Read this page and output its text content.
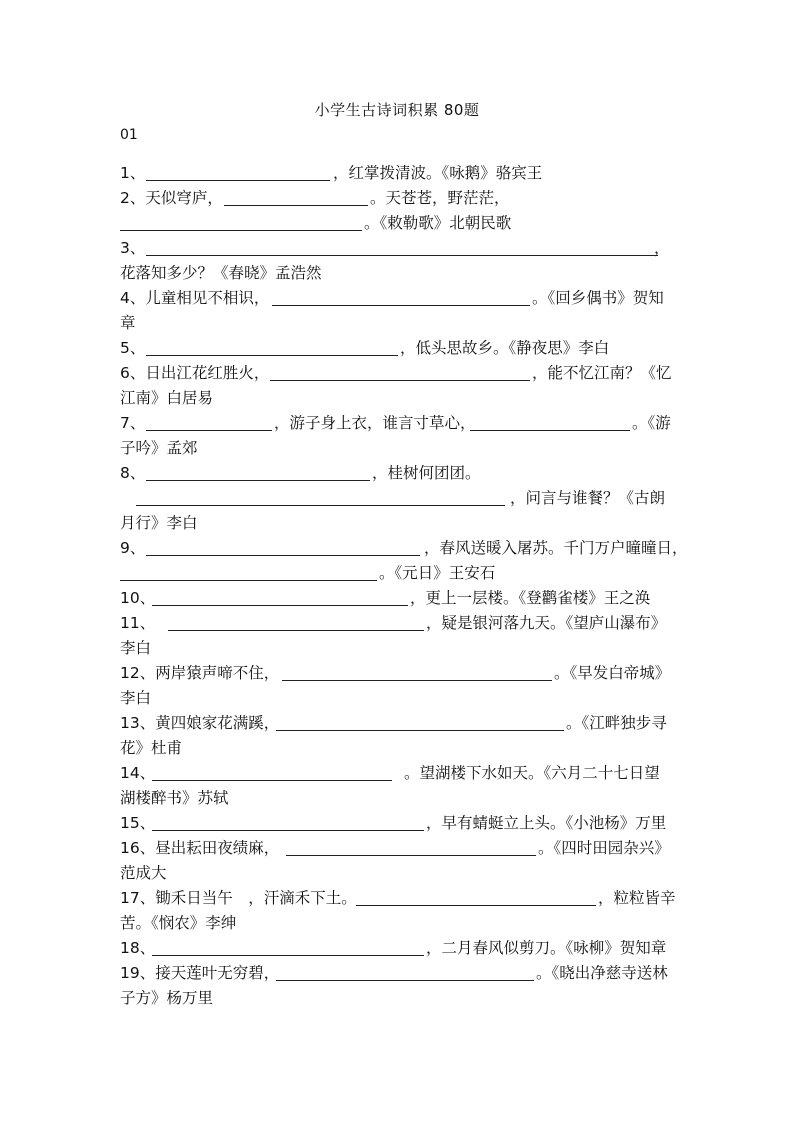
小学生古诗词积累 80题
01
1、	，红掌拨清波。《咏鹅》骆宾王
2、天似穹庐，	。天苍苍，野茫茫，
。《敕勒歌》北朝民歌
3、	，
花落知多少？《春晓》孟浩然
4、儿童相见不相识，	。《回乡偶书》贺知
章
5、	，低头思故乡。《静夜思》李白
6、日出江花红胜火，	，能不忆江南？《忆
江南》白居易
7、	，游子身上衣，谁言寸草心，	。《游
子吟》孟郊
8、	，桂树何团团。
，问言与谁餐？《古朗
月行》李白
9、	，春风送暖入屠苏。千门万户曈曈日，
。《元日》王安石
10、	，更上一层楼。《登鹳雀楼》王之涣
11、	，疑是银河落九天。《望庐山瀑布》
李白
12、两岸猿声啼不住，	。《早发白帝城》
李白
13、黄四娘家花满蹊，	。《江畔独步寻
花》杜甫
14、	。望湖楼下水如天。《六月二十七日望
湖楼醉书》苏轼
15、	，早有蜻蜓立上头。《小池杨》万里
16、昼出耘田夜绩麻，	。《四时田园杂兴》
范成大
17、锄禾日当午　，汗滴禾下土。	，粒粒皆辛
苦。《悯农》李绅
18、	，二月春风似剪刀。《咏柳》贺知章
19、接天莲叶无穷碧，	。《晓出净慈寺送林
子方》杨万里
